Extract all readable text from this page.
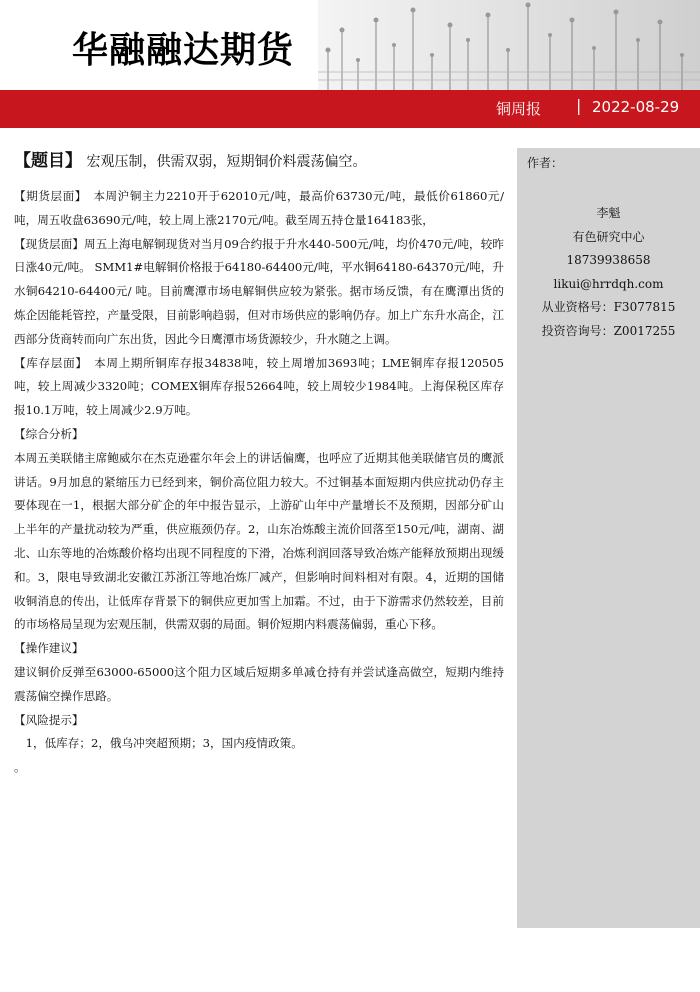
华融融达期货
铜周报 | 2022-08-29
【题目】 宏观压制，供需双弱，短期铜价料震荡偏空。

【期货层面】　本周沪铜主力2210开于62010元/吨，最高价63730元/吨，最低价61860元/吨，周五收盘63690元/吨，较上周上涨2170元/吨。截至周五持仓量164183张，

【现货层面】周五上海电解铜现货对当月09合约报于升水440-500元/吨，均价470元/吨，较昨日涨40元/吨。 SMM1#电解铜价格报于64180-64400元/吨，平水铜64180-64370元/吨，升水铜64210-64400元/ 吨。目前鹰潭市场电解铜供应较为紧张。据市场反馈，有在鹰潭出货的炼企因能耗管控，产量受限，目前影响趋弱，但对市场供应的影响仍存。加上广东升水高企，江西部分货商转而向广东出货，因此今日鹰潭市场货源较少，升水随之上调。

【库存层面】　本周上期所铜库存报34838吨，较上周增加3693吨；LME铜库存报120505吨，较上周减少3320吨；COMEX铜库存报52664吨，较上周较少1984吨。上海保税区库存报10.1万吨，较上周减少2.9万吨。

【综合分析】

本周五美联储主席鲍威尔在杰克逊霍尔年会上的讲话偏鹰，也呼应了近期其他美联储官员的鹰派讲话。9月加息的紧缩压力已经到来，铜价高位阻力较大。不过铜基本面短期内供应扰动仍存主要体现在一1，根据大部分矿企的年中报告显示，上游矿山年中产量增长不及预期，因部分矿山上半年的产量扰动较为严重，供应瓶颈仍存。2，山东冶炼酸主流价回落至150元/吨，湖南、湖北、山东等地的冶炼酸价格均出现不同程度的下滑，冶炼利润回落导致冶炼产能释放预期出现缓和。3，限电导致湖北安徽江苏浙江等地冶炼厂减产，但影响时间料相对有限。4，近期的国储收铜消息的传出，让低库存背景下的铜供应更加雪上加霜。不过，由于下游需求仍然较差，目前的市场格局呈现为宏观压制，供需双弱的局面。铜价短期内料震荡偏弱，重心下移。

【操作建议】

建议铜价反弹至63000-65000这个阻力区域后短期多单减仓持有并尝试逢高做空，短期内维持震荡偏空操作思路。

【风险提示】

　1，低库存；2，俄乌冲突超预期；3，国内疫情政策。

。

作者：
李魁
有色研究中心
18739938658
likui@hrrdqh.com
从业资格号：F3077815
投资咨询号：Z0017255
